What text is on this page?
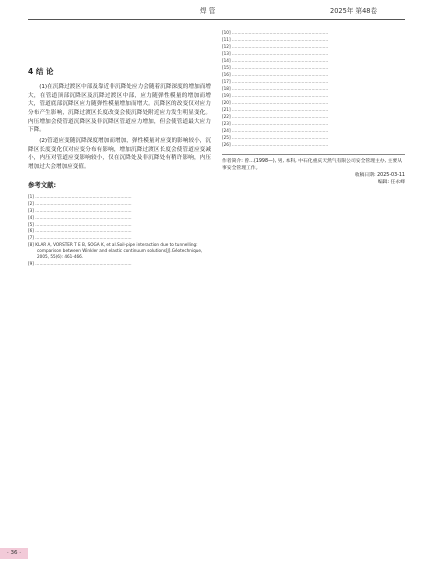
焊 管	2025年 第48卷
4 结 论

(1)在沉降过渡区中部及靠近非沉降处应力会随着沉降深度的增加而增大，在管道顶部沉降区及沉降过渡区中部，应力随弹性模量的增加而增大，管道底部沉降区应力随弹性模量增加而增大。沉降区的改变仅对应力分布产生影响，沉降过渡区长度改变会使沉降处附近应力发生明显变化。内压增加会使管道沉降区及非沉降区管道应力增加，但会使管道最大应力下降。

(2)管道应变随沉降深度增加而增加，弹性模量对应变的影响较小，沉降区长度变化仅对应变分布有影响，增加沉降过渡区长度会使管道应变减小，内压对管道应变影响较小，仅在沉降处及非沉降处有稍许影响，内压增加过大会增加应变值。

参考文献:

[1] ……………………………………………………………

[2] ……………………………………………………………

[3] ……………………………………………………………

[4] ……………………………………………………………

[5] ……………………………………………………………

[6] ……………………………………………………………

[7] ……………………………………………………………

[8] KLAR A, VORSTER T E B, SOGA K, et al.Soil-pipe interaction due to tunnelling: comparison between Winkler and elastic continuum solutions[J].Géotechnique, 2005, 55(6): 461-466.

[9] ……………………………………………………………

[10] ……………………………………………………………

[11] ……………………………………………………………

[12] ……………………………………………………………

[13] ……………………………………………………………

[14] ……………………………………………………………

[15] ……………………………………………………………

[16] ……………………………………………………………

[17] ……………………………………………………………

[18] ……………………………………………………………

[19] ……………………………………………………………

[20] ……………………………………………………………

[21] ……………………………………………………………

[22] ……………………………………………………………

[23] ……………………………………………………………

[24] ……………………………………………………………

[25] ……………………………………………………………

[26] ……………………………………………………………

作者简介: 曾…(1998—), 男, 本科, 中石化重庆天然气有限公司安全管理主办, 主要从事安全管理工作。

收稿日期: 2025-03-11

编辑: 任永峰

· 36 ·
